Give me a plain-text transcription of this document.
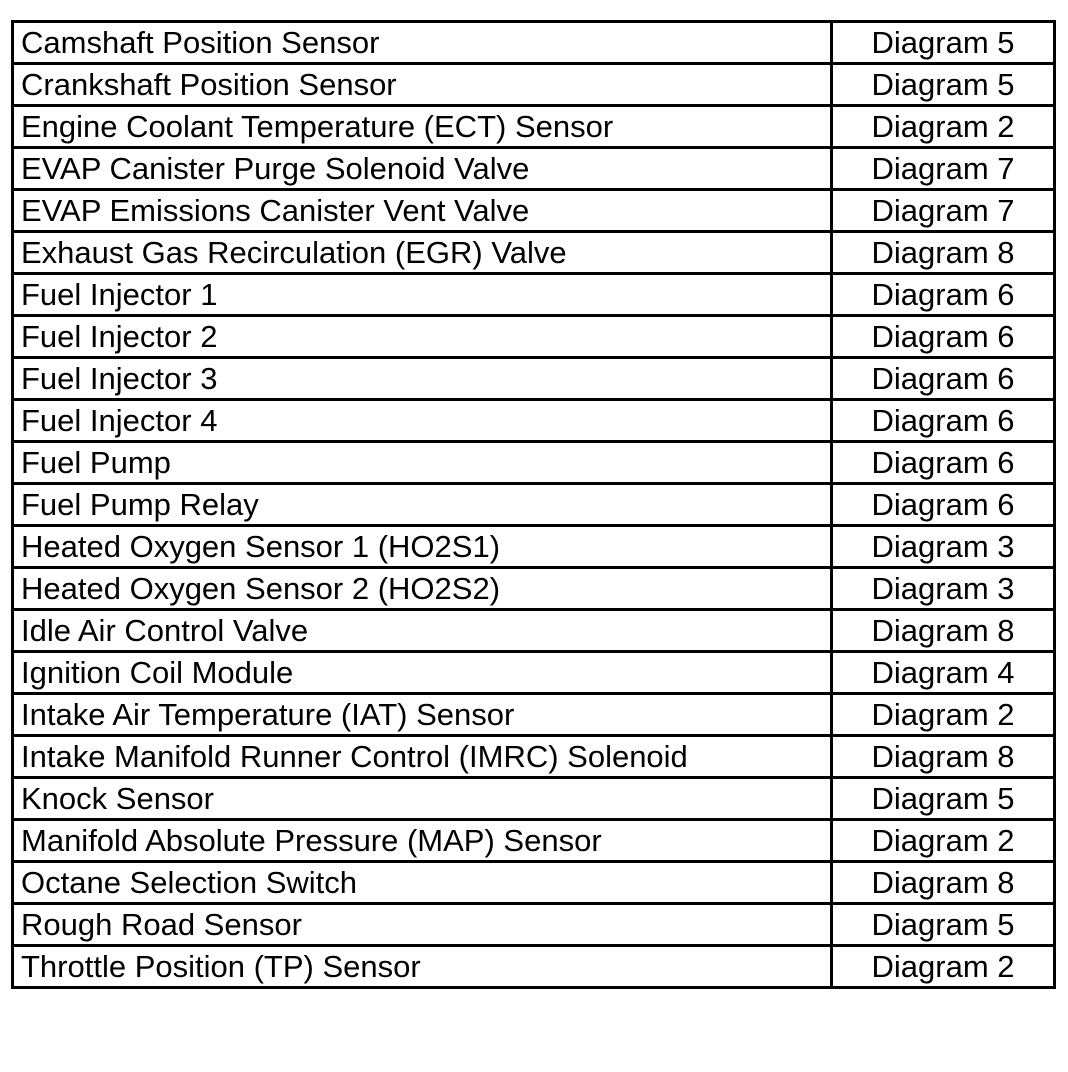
Camshaft Position Sensor	Diagram 5
Crankshaft Position Sensor	Diagram 5
Engine Coolant Temperature (ECT) Sensor	Diagram 2
EVAP Canister Purge Solenoid Valve	Diagram 7
EVAP Emissions Canister Vent Valve	Diagram 7
Exhaust Gas Recirculation (EGR) Valve	Diagram 8
Fuel Injector 1	Diagram 6
Fuel Injector 2	Diagram 6
Fuel Injector 3	Diagram 6
Fuel Injector 4	Diagram 6
Fuel Pump	Diagram 6
Fuel Pump Relay	Diagram 6
Heated Oxygen Sensor 1 (HO2S1)	Diagram 3
Heated Oxygen Sensor 2 (HO2S2)	Diagram 3
Idle Air Control Valve	Diagram 8
Ignition Coil Module	Diagram 4
Intake Air Temperature (IAT) Sensor	Diagram 2
Intake Manifold Runner Control (IMRC) Solenoid	Diagram 8
Knock Sensor	Diagram 5
Manifold Absolute Pressure (MAP) Sensor	Diagram 2
Octane Selection Switch	Diagram 8
Rough Road Sensor	Diagram 5
Throttle Position (TP) Sensor	Diagram 2
